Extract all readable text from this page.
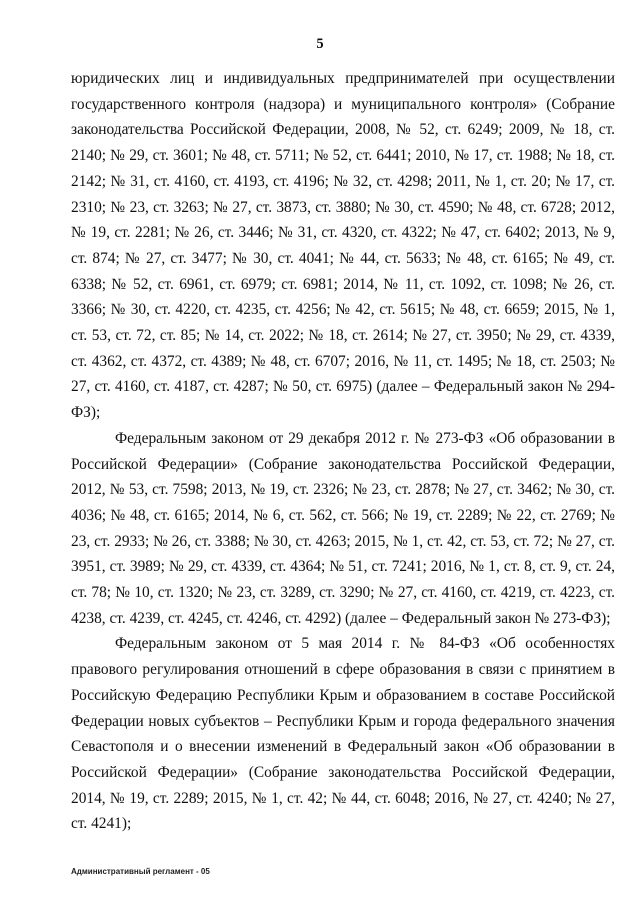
5

юридических лиц и индивидуальных предпринимателей при осуществлении государственного контроля (надзора) и муниципального контроля» (Собрание законодательства Российской Федерации, 2008, № 52, ст. 6249; 2009, № 18, ст. 2140; № 29, ст. 3601; № 48, ст. 5711; № 52, ст. 6441; 2010, № 17, ст. 1988; № 18, ст. 2142; № 31, ст. 4160, ст. 4193, ст. 4196; № 32, ст. 4298; 2011, № 1, ст. 20; № 17, ст. 2310; № 23, ст. 3263; № 27, ст. 3873, ст. 3880; № 30, ст. 4590; № 48, ст. 6728; 2012, № 19, ст. 2281; № 26, ст. 3446; № 31, ст. 4320, ст. 4322; № 47, ст. 6402; 2013, № 9, ст. 874; № 27, ст. 3477; № 30, ст. 4041; № 44, ст. 5633; № 48, ст. 6165; № 49, ст. 6338; № 52, ст. 6961, ст. 6979; ст. 6981; 2014, № 11, ст. 1092, ст. 1098; № 26, ст. 3366; № 30, ст. 4220, ст. 4235, ст. 4256; № 42, ст. 5615; № 48, ст. 6659; 2015, № 1, ст. 53, ст. 72, ст. 85; № 14, ст. 2022; № 18, ст. 2614; № 27, ст. 3950; № 29, ст. 4339, ст. 4362, ст. 4372, ст. 4389; № 48, ст. 6707; 2016, № 11, ст. 1495; № 18, ст. 2503; № 27, ст. 4160, ст. 4187, ст. 4287; № 50, ст. 6975) (далее – Федеральный закон № 294-ФЗ);

Федеральным законом от 29 декабря 2012 г. № 273-ФЗ «Об образовании в Российской Федерации» (Собрание законодательства Российской Федерации, 2012, № 53, ст. 7598; 2013, № 19, ст. 2326; № 23, ст. 2878; № 27, ст. 3462; № 30, ст. 4036; № 48, ст. 6165; 2014, № 6, ст. 562, ст. 566; № 19, ст. 2289; № 22, ст. 2769; № 23, ст. 2933; № 26, ст. 3388; № 30, ст. 4263; 2015, № 1, ст. 42, ст. 53, ст. 72; № 27, ст. 3951, ст. 3989; № 29, ст. 4339, ст. 4364; № 51, ст. 7241; 2016, № 1, ст. 8, ст. 9, ст. 24, ст. 78; № 10, ст. 1320; № 23, ст. 3289, ст. 3290; № 27, ст. 4160, ст. 4219, ст. 4223, ст. 4238, ст. 4239, ст. 4245, ст. 4246, ст. 4292) (далее – Федеральный закон № 273-ФЗ);

Федеральным законом от 5 мая 2014 г. № 84-ФЗ «Об особенностях правового регулирования отношений в сфере образования в связи с принятием в Российскую Федерацию Республики Крым и образованием в составе Российской Федерации новых субъектов – Республики Крым и города федерального значения Севастополя и о внесении изменений в Федеральный закон «Об образовании в Российской Федерации» (Собрание законодательства Российской Федерации, 2014, № 19, ст. 2289; 2015, № 1, ст. 42; № 44, ст. 6048; 2016, № 27, ст. 4240; № 27, ст. 4241);

Административный регламент - 05
